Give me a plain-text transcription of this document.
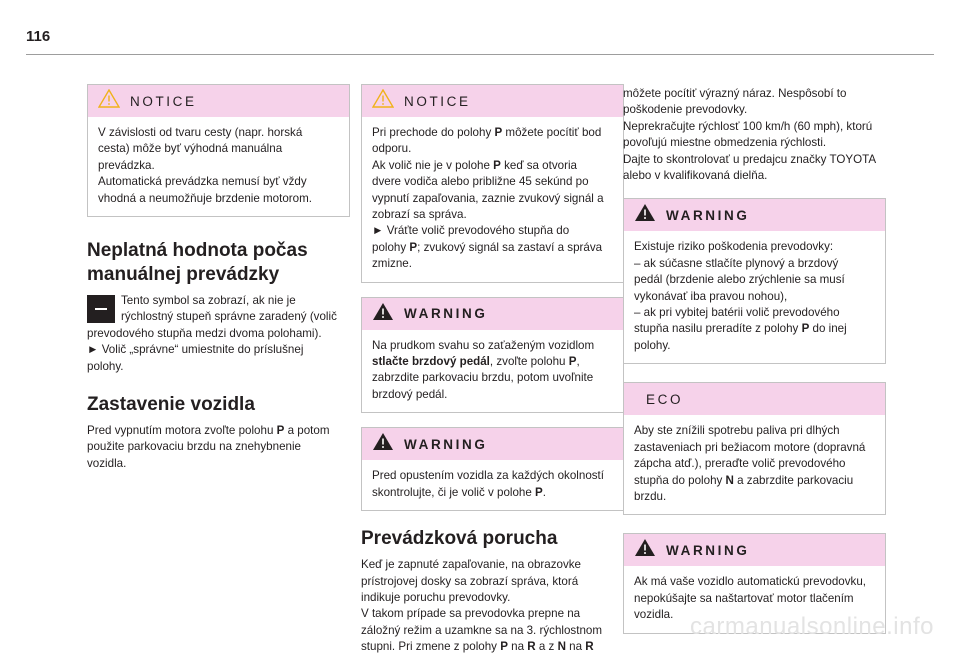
116
NOTICE

V závislosti od tvaru cesty (napr. horská

cesta) môže byť výhodná manuálna

prevádzka.

Automatická prevádzka nemusí byť vždy

vhodná a neumožňuje brzdenie motorom.

Neplatná hodnota počas
manuálnej prevádzky

Tento symbol sa zobrazí, ak nie je

rýchlostný stupeň správne zaradený (volič

prevodového stupňa medzi dvoma polohami).

► Volič „správne“ umiestnite do príslušnej

polohy.

Zastavenie vozidla

Pred vypnutím motora zvoľte polohu P a potom

použite parkovaciu brzdu na znehybnenie

vozidla.

NOTICE

Pri prechode do polohy P môžete pocítiť bod

odporu.

Ak volič nie je v polohe P keď sa otvoria

dvere vodiča alebo približne 45 sekúnd po

vypnutí zapaľovania, zaznie zvukový signál a

zobrazí sa správa.

► Vráťte volič prevodového stupňa do

polohy P; zvukový signál sa zastaví a správa

zmizne.

WARNING

Na prudkom svahu so zaťaženým vozidlom

stlačte brzdový pedál, zvoľte polohu P,

zabrzdite parkovaciu brzdu, potom uvoľnite

brzdový pedál.

WARNING

Pred opustením vozidla za každých okolností

skontrolujte, či je volič v polohe P.

Prevádzková porucha

Keď je zapnuté zapaľovanie, na obrazovke

prístrojovej dosky sa zobrazí správa, ktorá

indikuje poruchu prevodovky.

V takom prípade sa prevodovka prepne na

záložný režim a uzamkne sa na 3. rýchlostnom

stupni. Pri zmene z polohy P na R a z N na R

môžete pocítiť výrazný náraz. Nespôsobí to

poškodenie prevodovky.

Neprekračujte rýchlosť 100 km/h (60 mph), ktorú

povoľujú miestne obmedzenia rýchlosti.

Dajte to skontrolovať u predajcu značky TOYOTA

alebo v kvalifikovaná dielňa.

WARNING

Existuje riziko poškodenia prevodovky:

– ak súčasne stlačíte plynový a brzdový

pedál (brzdenie alebo zrýchlenie sa musí

vykonávať iba pravou nohou),

– ak pri vybitej batérii volič prevodového

stupňa nasilu preradíte z polohy P do inej

polohy.

ECO

Aby ste znížili spotrebu paliva pri dlhých

zastaveniach pri bežiacom motore (dopravná

zápcha atď.), preraďte volič prevodového

stupňa do polohy N a zabrzdite parkovaciu

brzdu.

WARNING

Ak má vaše vozidlo automatickú prevodovku,

nepokúšajte sa naštartovať motor tlačením

vozidla. carmanualsonline.info
